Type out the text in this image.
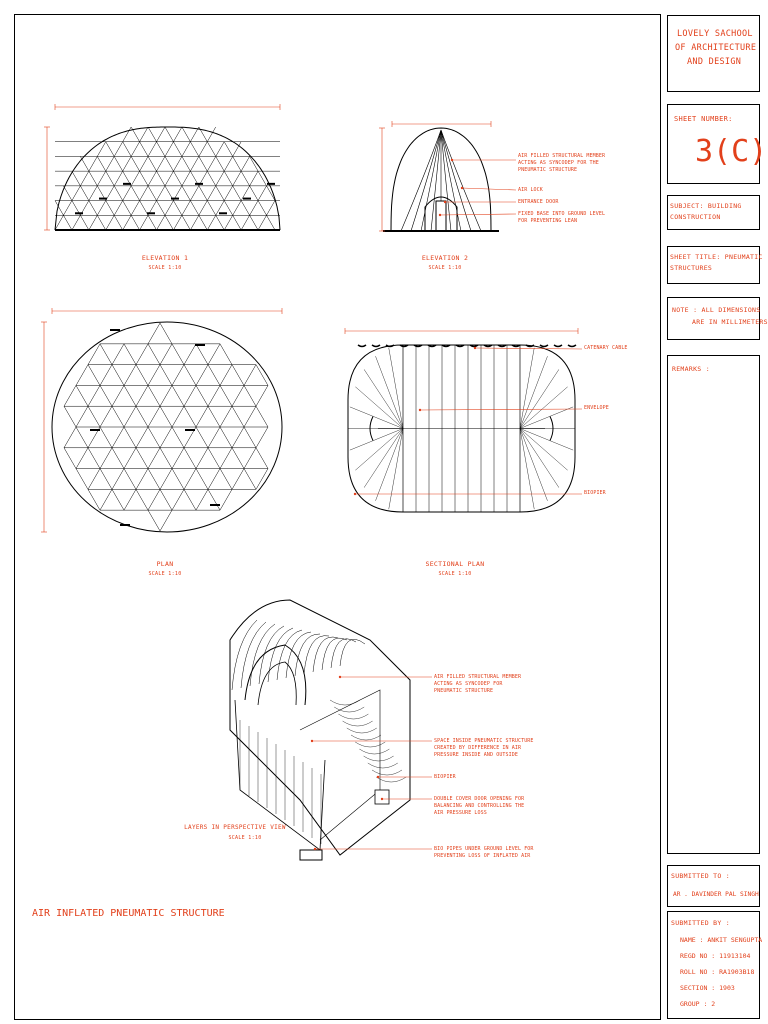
LOVELY SACHOOL
OF ARCHITECTURE
AND DESIGN
SHEET NUMBER:
3(C)
SUBJECT: BUILDING
CONSTRUCTION
SHEET TITLE: PNEUMATIC
STRUCTURES
NOTE : ALL DIMENSIONS
ARE IN MILLIMETERS
REMARKS :
SUBMITTED TO :
AR . DAVINDER PAL SINGH
SUBMITTED BY :
NAME : ANKIT SENGUPTA
REGD NO : 11913104
ROLL NO : RA1903B18
SECTION : 1903
GROUP : 2
ELEVATION 1
SCALE 1:10
ELEVATION 2
SCALE 1:10
PLAN
SCALE 1:10
SECTIONAL PLAN
SCALE 1:10
LAYERS IN PERSPECTIVE VIEW
SCALE 1:10
AIR FILLED STRUCTURAL MEMBER
ACTING AS SYNCODEP FOR THE
PNEUMATIC STRUCTURE
AIR LOCK
ENTRANCE DOOR
FIXED BASE INTO GROUND LEVEL
FOR PREVENTING LEAN
CATENARY CABLE
ENVELOPE
BIOPIER
AIR FILLED STRUCTURAL MEMBER
ACTING AS SYNCODEP FOR
PNEUMATIC STRUCTURE
SPACE INSIDE PNEUMATIC STRUCTURE
CREATED BY DIFFERENCE IN AIR
PRESSURE INSIDE AND OUTSIDE
BIOPIER
DOUBLE COVER DOOR OPENING FOR
BALANCING AND CONTROLLING THE
AIR PRESSURE LOSS
BIO PIPES UNDER GROUND LEVEL FOR
PREVENTING LOSS OF INFLATED AIR
AIR INFLATED PNEUMATIC STRUCTURE
